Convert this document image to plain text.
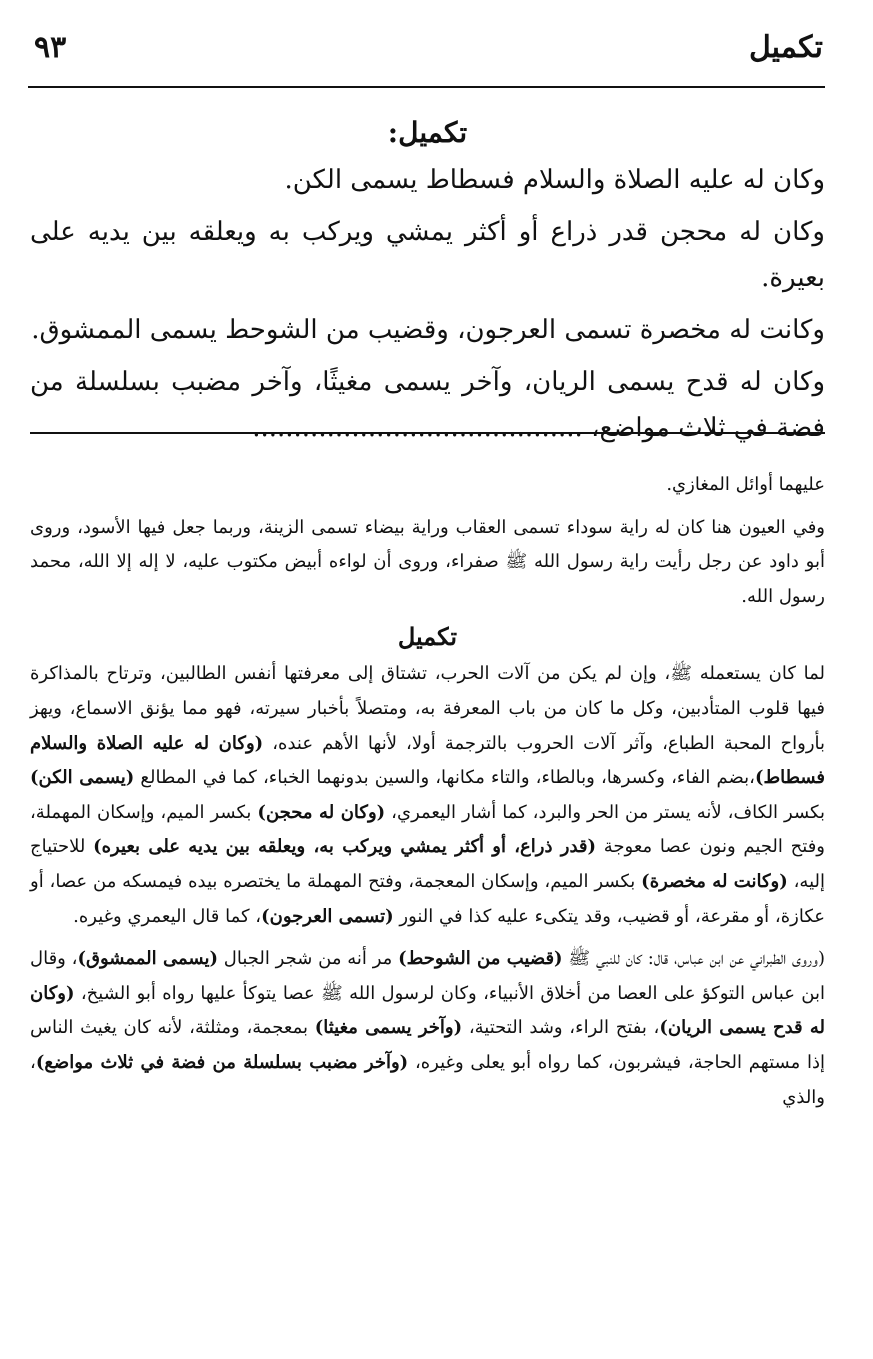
تكميل
٩٣
تكميل:

وكان له عليه الصلاة والسلام فسطاط يسمى الكن.

وكان له محجن قدر ذراع أو أكثر يمشي ويركب به ويعلقه بين يديه على بعيرة.

وكانت له مخصرة تسمى العرجون، وقضيب من الشوحط يسمى الممشوق.

وكان له قدح يسمى الريان، وآخر يسمى مغيثًا، وآخر مضبب بسلسلة من فضة في ثلاث مواضع، ........................................

عليهما أوائل المغازي.

وفي العيون هنا كان له راية سوداء تسمى العقاب وراية بيضاء تسمى الزينة، وربما جعل فيها الأسود، وروى أبو داود عن رجل رأيت راية رسول الله ﷺ صفراء، وروى أن لواءه أبيض مكتوب عليه، لا إله إلا الله، محمد رسول الله.

تكميل

لما كان يستعمله ﷺ، وإن لم يكن من آلات الحرب، تشتاق إلى معرفتها أنفس الطالبين، وترتاح بالمذاكرة فيها قلوب المتأدبين، وكل ما كان من باب المعرفة به، ومتصلاً بأخبار سيرته، فهو مما يؤنق الاسماع، ويهز بأرواح المحبة الطباع، وآثر آلات الحروب بالترجمة أولا، لأنها الأهم عنده، (وكان له عليه الصلاة والسلام فسطاط)،بضم الفاء، وكسرها، وبالطاء، والتاء مكانها، والسين بدونهما الخباء، كما في المطالع (يسمى الكن) بكسر الكاف، لأنه يستر من الحر والبرد، كما أشار اليعمري، (وكان له محجن) بكسر الميم، وإسكان المهملة، وفتح الجيم ونون عصا معوجة (قدر ذراع، أو أكثر يمشي ويركب به، ويعلقه بين يديه على بعيره) للاحتياج إليه، (وكانت له مخصرة) بكسر الميم، وإسكان المعجمة، وفتح المهملة ما يختصره بيده فيمسكه من عصا، أو عكازة، أو مقرعة، أو قضيب، وقد يتكىء عليه كذا في النور (تسمى العرجون)، كما قال اليعمري وغيره.

(وروى الطبراني عن ابن عباس، قال: كان للنبي ﷺ (قضيب من الشوحط) مر أنه من شجر الجبال (يسمى الممشوق)، وقال ابن عباس التوكؤ على العصا من أخلاق الأنبياء، وكان لرسول الله ﷺ عصا يتوكأ عليها رواه أبو الشيخ، (وكان له قدح يسمى الريان)، بفتح الراء، وشد التحتية، (وآخر يسمى مغيثا) بمعجمة، ومثلثة، لأنه كان يغيث الناس إذا مستهم الحاجة، فيشربون، كما رواه أبو يعلى وغيره، (وآخر مضبب بسلسلة من فضة في ثلاث مواضع)، والذي
